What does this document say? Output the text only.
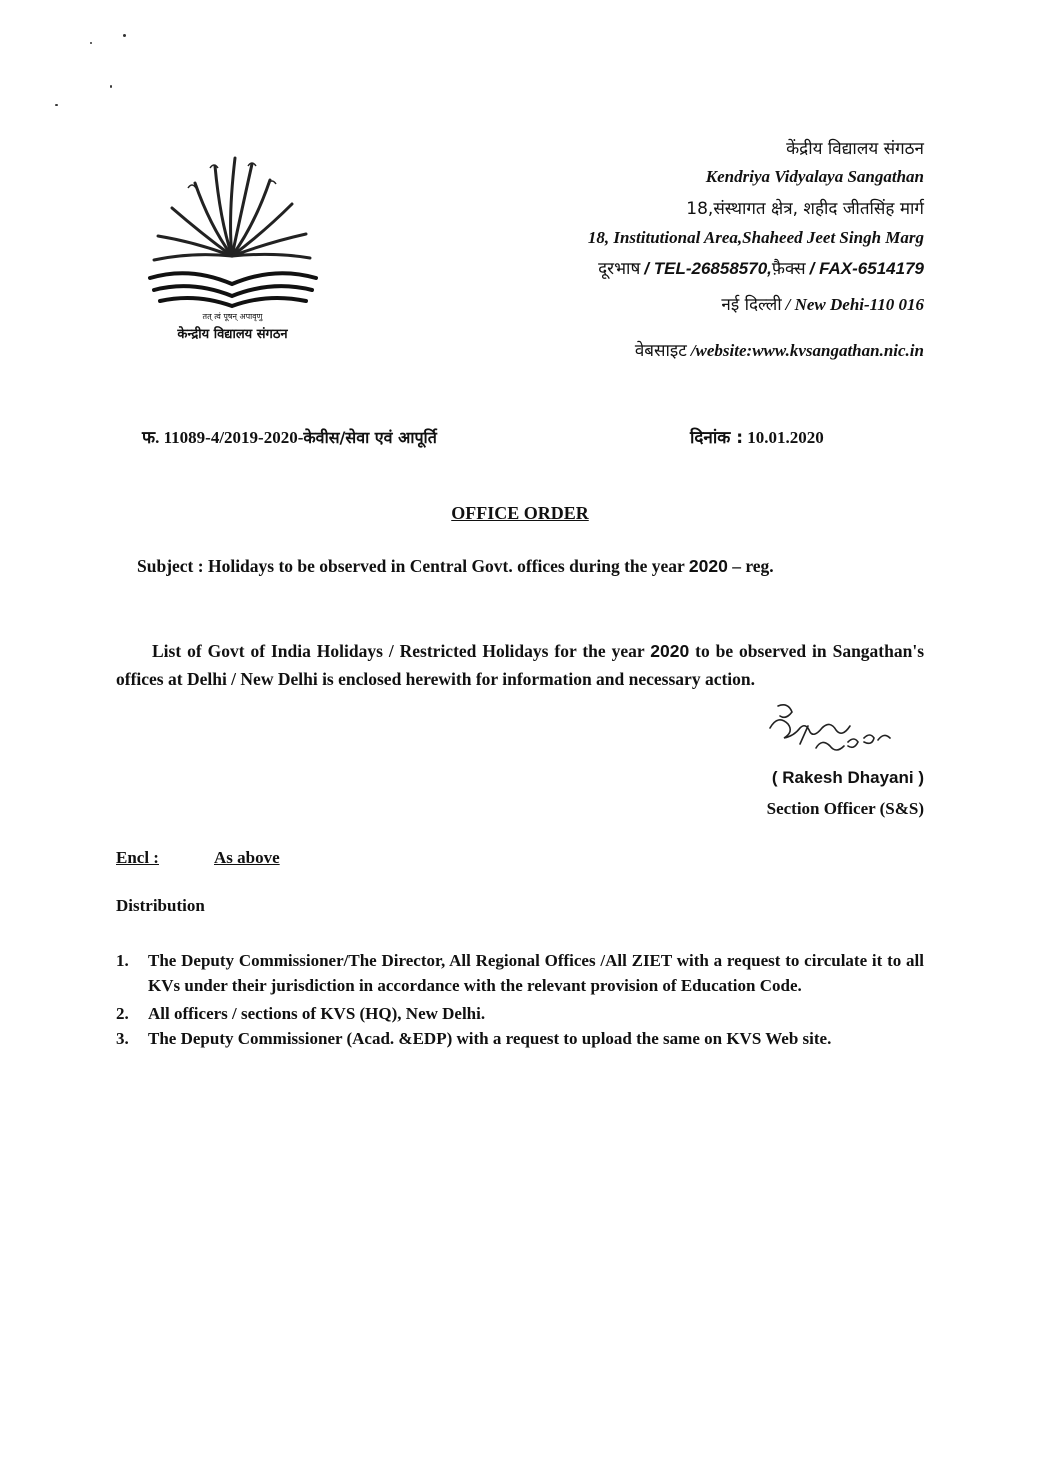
तत् त्वं पूषन् अपावृणु
केन्द्रीय विद्यालय संगठन
केंद्रीय विद्यालय संगठन
Kendriya Vidyalaya Sangathan
18,संस्थागत क्षेत्र, शहीद जीतसिंह मार्ग
18, Institutional Area,Shaheed Jeet Singh Marg
दूरभाष / TEL-26858570,फ़ैक्स / FAX-6514179
नई दिल्ली / New Dehi-110 016
वेबसाइट /website:www.kvsangathan.nic.in
फ. 11089-4/2019-2020-केवीस/सेवा एवं आपूर्ति	दिनांक : 10.01.2020
OFFICE ORDER
Subject : Holidays to be observed in Central Govt. offices during the year 2020 – reg.
List of Govt of India Holidays / Restricted Holidays for the year 2020 to be observed in Sangathan's offices at Delhi / New Delhi is enclosed herewith for information and necessary action.
( Rakesh Dhayani )
Section Officer (S&S)
Encl :	As above
Distribution
1. The Deputy Commissioner/The Director, All Regional Offices /All ZIET with a request to circulate it to all KVs under their jurisdiction in accordance with the relevant provision of Education Code.
2. All officers / sections of KVS (HQ), New Delhi.
3. The Deputy Commissioner (Acad. &EDP) with a request to upload the same on KVS Web site.
